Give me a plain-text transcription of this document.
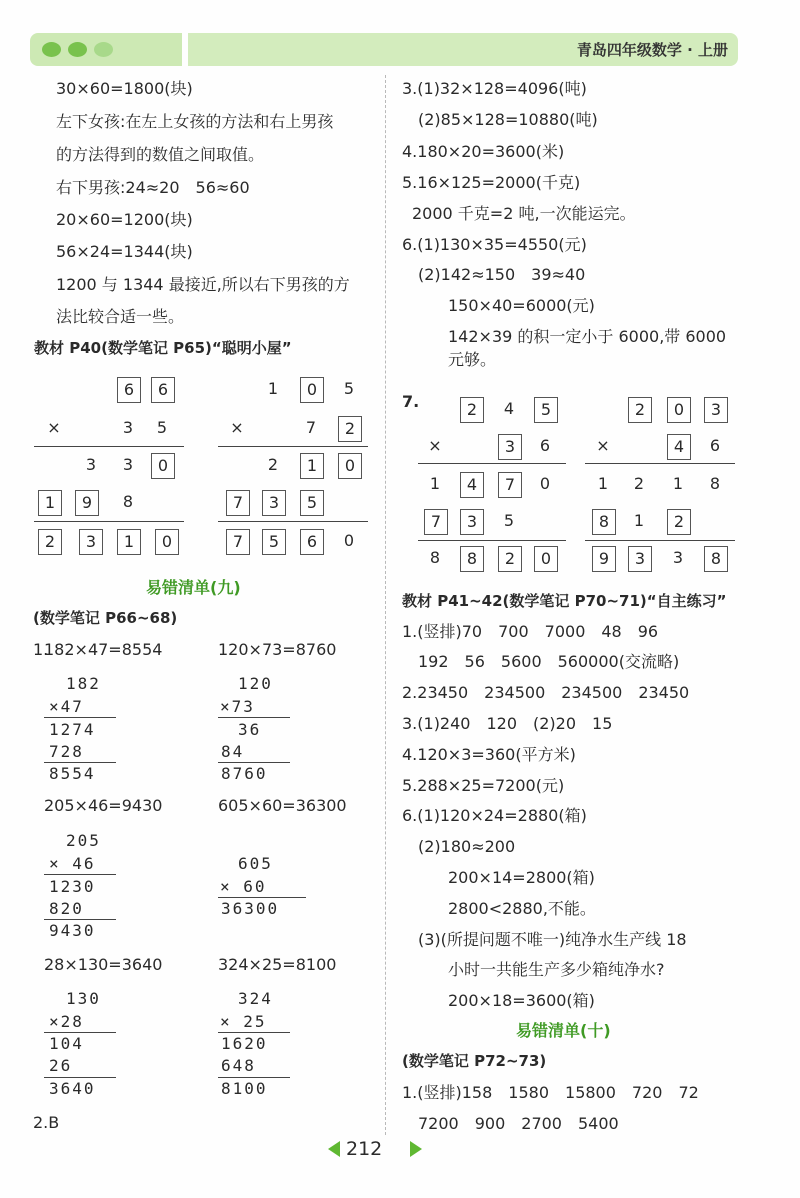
青岛四年级数学 · 上册
30×60=1800(块)
左下女孩:在左上女孩的方法和右上男孩
的方法得到的数值之间取值。
右下男孩:24≈20　56≈60
20×60=1200(块)
56×24=1344(块)
1200 与 1344 最接近,所以右下男孩的方
法比较合适一些。
教材 P40(数学笔记 P65)“聪明小屋”
6	6
×	3	5
3	3	0
1	9	8
2	3	1	0
1	0	5
×	7	2
2	1	0
7	3	5
7	5	6	0
易错清单(九)
(数学笔记 P66~68)
1.
182×47=8554	120×73=8760
182
×47
1274
728
8554
120
×73
36
84
8760
205×46=9430	605×60=36300
205
× 46
1230
820
9430
605
× 60
36300
28×130=3640	324×25=8100
130
×28
104
26
3640
324
× 25
1620
648
8100
2.B
3.(1)32×128=4096(吨)
(2)85×128=10880(吨)
4.180×20=3600(米)
5.16×125=2000(千克)
2000 千克=2 吨,一次能运完。
6.(1)130×35=4550(元)
(2)142≈150　39≈40
150×40=6000(元)
142×39 的积一定小于 6000,带 6000
元够。
7.	2	4	5
×	3	6
1	4	7	0
7	3	5
8	8	2	0
2	0	3
×	4	6
1	2	1	8
8	1	2
9	3	3	8
教材 P41~42(数学笔记 P70~71)“自主练习”
1.(竖排)70　700　7000　48　96
192　56　5600　560000(交流略)
2.23450　234500　234500　23450
3.(1)240　120　(2)20　15
4.120×3=360(平方米)
5.288×25=7200(元)
6.(1)120×24=2880(箱)
(2)180≈200
200×14=2800(箱)
2800<2880,不能。
(3)(所提问题不唯一)纯净水生产线 18
小时一共能生产多少箱纯净水?
200×18=3600(箱)
易错清单(十)
(数学笔记 P72~73)
1.(竖排)158　1580　15800　720　72
7200　900　2700　5400
212
